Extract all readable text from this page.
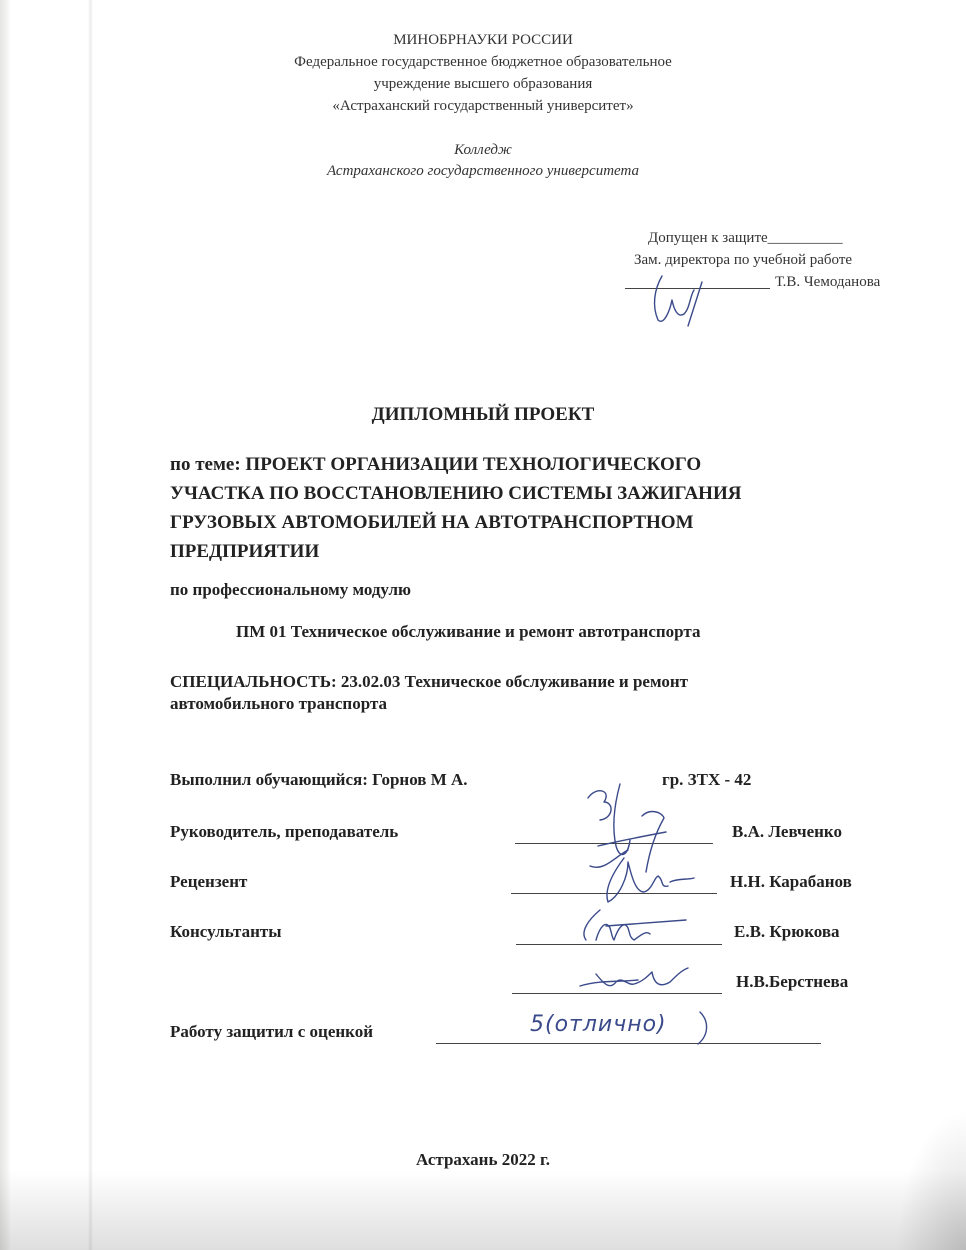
МИНОБРНАУКИ РОССИИ

Федеральное государственное бюджетное образовательное

учреждение высшего образования

«Астраханский государственный университет»

Колледж

Астраханского государственного университета

Допущен к защите__________

Зам. директора по учебной работе

Т.В. Чемоданова

ДИПЛОМНЫЙ ПРОЕКТ

по теме: ПРОЕКТ ОРГАНИЗАЦИИ ТЕХНОЛОГИЧЕСКОГО

УЧАСТКА ПО ВОССТАНОВЛЕНИЮ СИСТЕМЫ ЗАЖИГАНИЯ

ГРУЗОВЫХ АВТОМОБИЛЕЙ НА АВТОТРАНСПОРТНОМ

ПРЕДПРИЯТИИ

по профессиональному модулю

ПМ 01 Техническое обслуживание и ремонт автотранспорта

СПЕЦИАЛЬНОСТЬ: 23.02.03 Техническое обслуживание и ремонт

автомобильного транспорта

Выполнил обучающийся: Горнов М А.	гр. ЗТХ - 42

Руководитель, преподаватель	В.А. Левченко

Рецензент	Н.Н. Карабанов

Консультанты	Е.В. Крюкова

Н.В.Берстнева

Работу защитил с оценкой	5(отлично)

Астрахань 2022 г.
